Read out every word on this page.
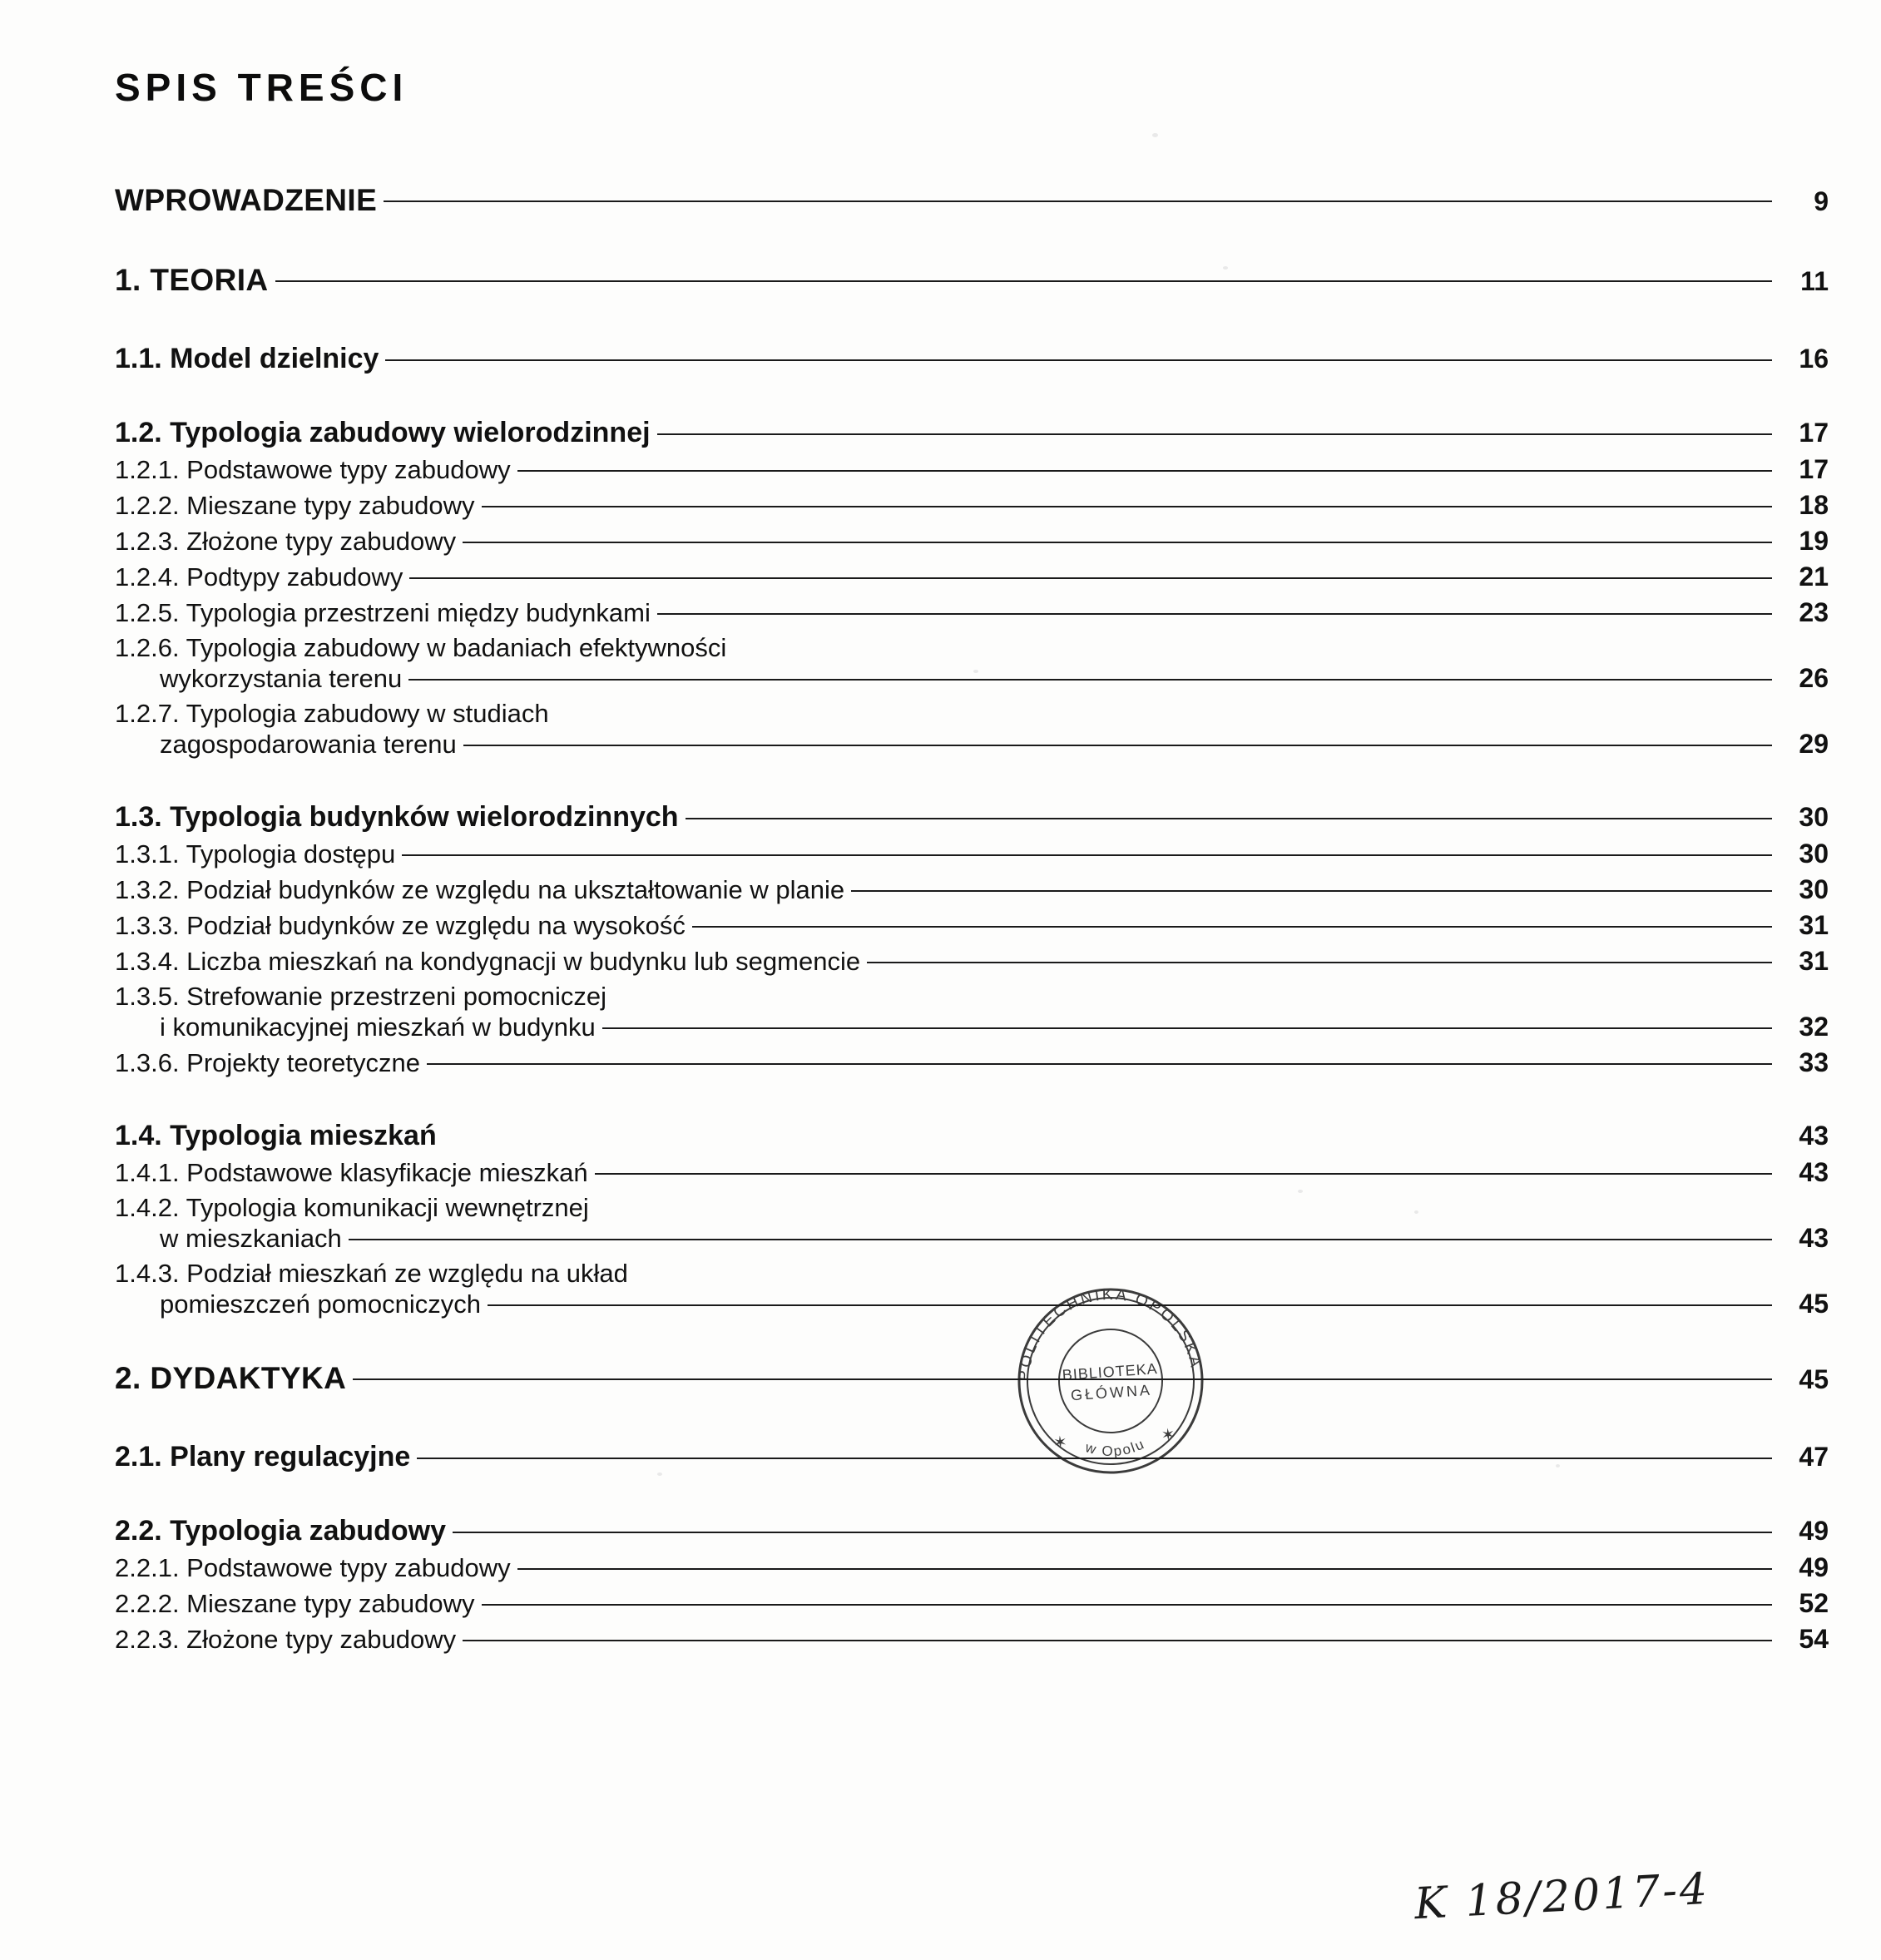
SPIS TREŚCI
WPROWADZENIE	9
1. TEORIA	11
1.1. Model dzielnicy	16
1.2. Typologia zabudowy wielorodzinnej	17
1.2.1. Podstawowe typy zabudowy	17
1.2.2. Mieszane typy zabudowy	18
1.2.3. Złożone typy zabudowy	19
1.2.4. Podtypy zabudowy	21
1.2.5. Typologia przestrzeni między budynkami	23
1.2.6. Typologia zabudowy w badaniach efektywności
wykorzystania terenu	26
1.2.7. Typologia zabudowy w studiach
zagospodarowania terenu	29
1.3. Typologia budynków wielorodzinnych	30
1.3.1. Typologia dostępu	30
1.3.2. Podział budynków ze względu na ukształtowanie w planie	30
1.3.3. Podział budynków ze względu na wysokość	31
1.3.4. Liczba mieszkań na kondygnacji w budynku lub segmencie	31
1.3.5. Strefowanie przestrzeni pomocniczej
i komunikacyjnej mieszkań w budynku	32
1.3.6. Projekty teoretyczne	33
1.4. Typologia mieszkań	43
1.4.1. Podstawowe klasyfikacje mieszkań	43
1.4.2. Typologia komunikacji wewnętrznej
w mieszkaniach	43
1.4.3. Podział mieszkań ze względu na układ
pomieszczeń pomocniczych	45
2. DYDAKTYKA	45
2.1. Plany regulacyjne	47
2.2. Typologia zabudowy	49
2.2.1. Podstawowe typy zabudowy	49
2.2.2. Mieszane typy zabudowy	52
2.2.3. Złożone typy zabudowy	54
POLITECHNIKA OPOLSKA
w Opolu
BIBLIOTEKA
GŁÓWNA
✶	✶
K 18/2017-4
